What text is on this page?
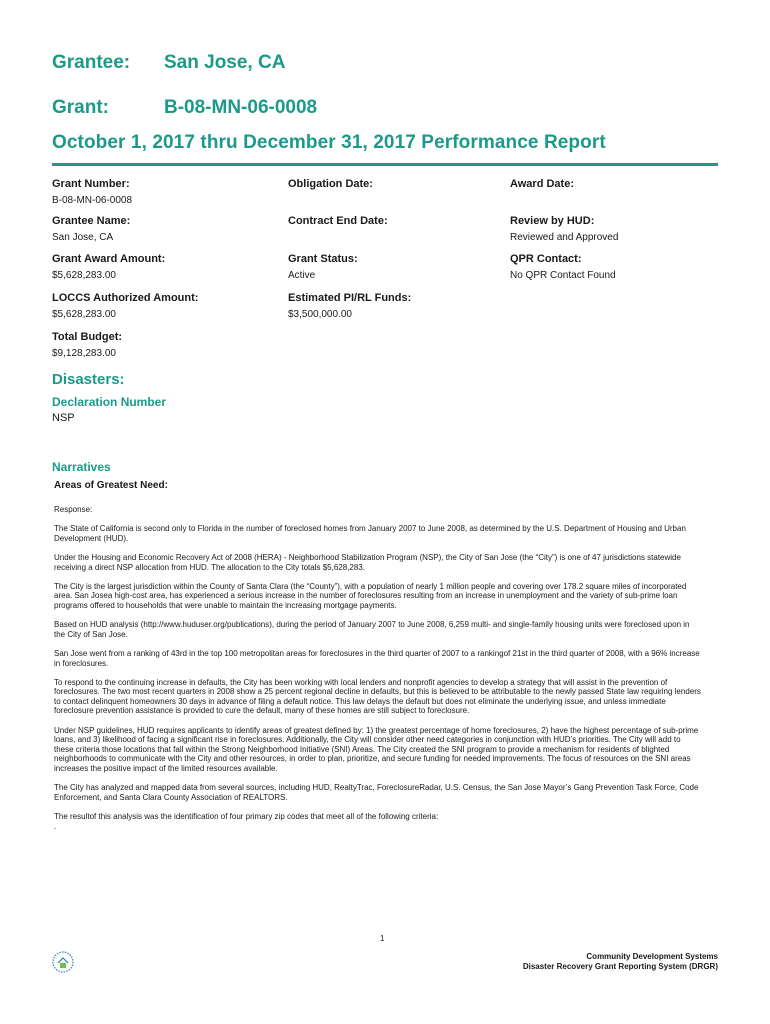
Grantee: San Jose, CA
Grant:	B-08-MN-06-0008
October 1, 2017 thru December 31, 2017 Performance Report
Grant Number:
B-08-MN-06-0008
Obligation Date:	Award Date:
Grantee Name:
San Jose, CA
Contract End Date:	Review by HUD:
Reviewed and Approved
Grant Award Amount:
$5,628,283.00
Grant Status:
Active
QPR Contact:
No QPR Contact Found
LOCCS Authorized Amount:
$5,628,283.00
Estimated PI/RL Funds:
$3,500,000.00
Total Budget:
$9,128,283.00
Disasters:
Declaration Number
NSP
Narratives
Areas of Greatest Need:

Response:

The State of California is second only to Florida in the number of foreclosed homes from January 2007 to June 2008, as determined by the U.S. Department of Housing and Urban Development (HUD).

Under the Housing and Economic Recovery Act of 2008 (HERA) - Neighborhood Stabilization Program (NSP), the City of San Jose (the “City”) is one of 47 jurisdictions statewide receiving a direct NSP allocation from HUD. The allocation to the City totals $5,628,283.

The City is the largest jurisdiction within the County of Santa Clara (the “County”), with a population of nearly 1 million people and covering over 178.2 square miles of incorporated area. San Josea high-cost area, has experienced a serious increase in the number of foreclosures resulting from an increase in unemployment and the variety of sub-prime loan programs offered to households that were unable to maintain the increasing mortgage payments.

Based on HUD analysis (http://www.huduser.org/publications), during the period of January 2007 to June 2008, 6,259 multi- and single-family housing units were foreclosed upon in the City of San Jose.

San Jose went from a ranking of 43rd in the top 100 metropolitan areas for foreclosures in the third quarter of 2007 to a rankingof 21st in the third quarter of 2008, with a 96% increase in foreclosures.

To respond to the continuing increase in defaults, the City has been working with local lenders and nonprofit agencies to develop a strategy that will assist in the prevention of foreclosures. The two most recent quarters in 2008 show a 25 percent regional decline in defaults, but this is believed to be attributable to the newly passed State law requiring lenders to contact delinquent homeowners 30 days in advance of filing a default notice. This law delays the default but does not eliminate the underlying issue, and unless immediate foreclosure prevention assistance is provided to cure the default, many of these homes are still subject to foreclosure.

Under NSP guidelines, HUD requires applicants to identify areas of greatest defined by: 1) the greatest percentage of home foreclosures, 2) have the highest percentage of sub-prime loans, and 3) likelihood of facing a significant rise in foreclosures. Additionally, the City will consider other need categories in conjunction with HUD’s priorities. The City will add to these criteria those locations that fall within the Strong Neighborhood Initiative (SNI) Areas. The City created the SNI program to provide a mechanism for residents of blighted neighborhoods to communicate with the City and other resources, in order to plan, prioritize, and secure funding for needed improvements. The focus of resources on the SNI areas increases the positive impact of the limited resources available.

The City has analyzed and mapped data from several sources, including HUD, RealtyTrac, ForeclosureRadar, U.S. Census, the San Jose Mayor’s Gang Prevention Task Force, Code Enforcement, and Santa Clara County Association of REALTORS.

The resultof this analysis was the identification of four primary zip codes that meet all of the following criteria:

.

1
Community Development Systems
Disaster Recovery Grant Reporting System (DRGR)
